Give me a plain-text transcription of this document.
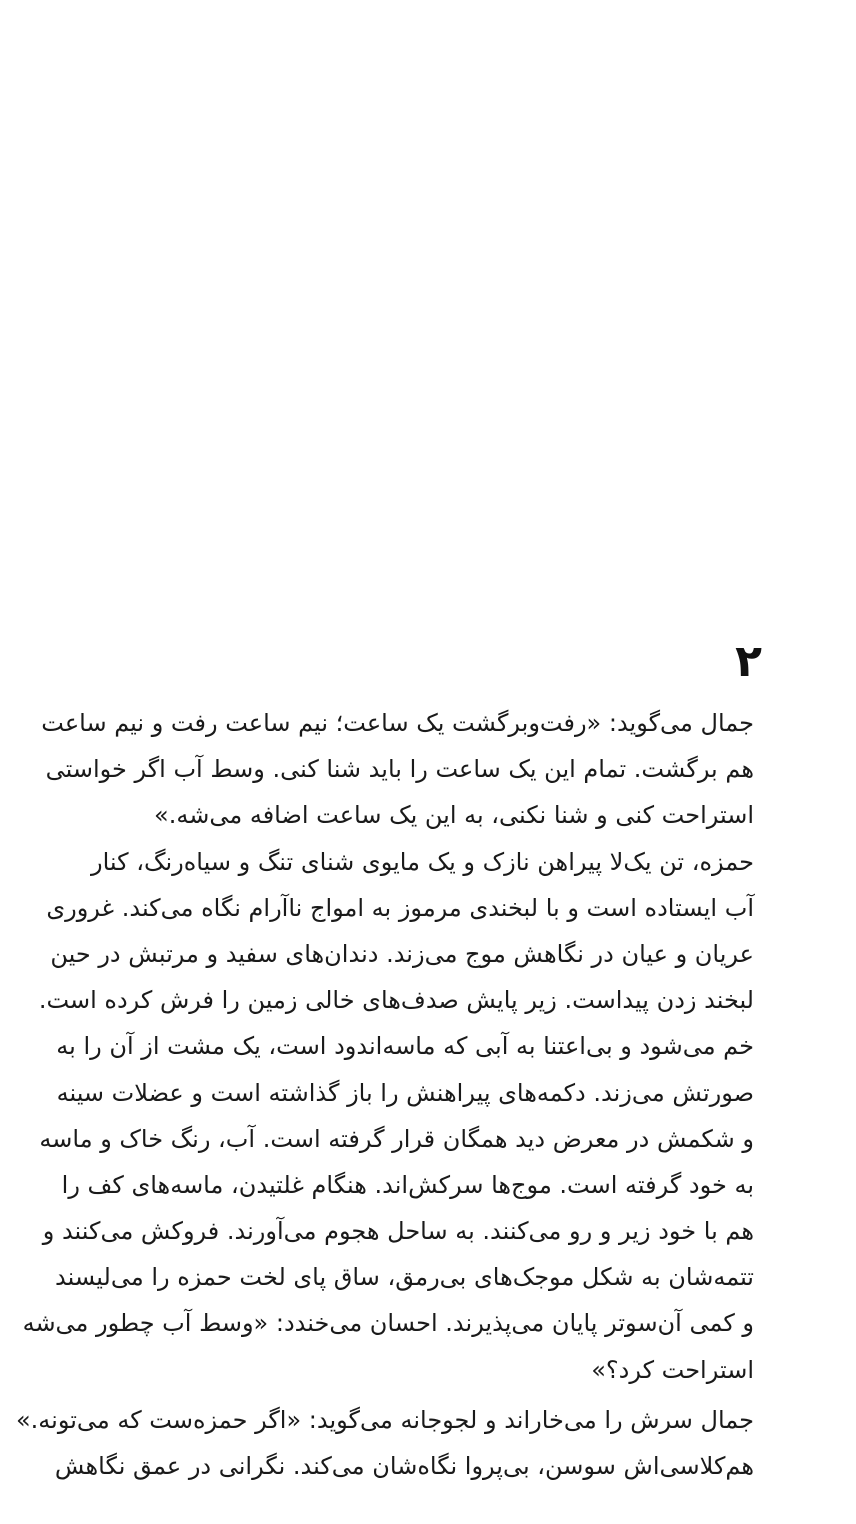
۲
جمال می‌گوید: «رفت‌وبرگشت یک ساعت؛ نیم ساعت رفت و نیم ساعت
هم برگشت. تمام این یک ساعت را باید شنا کنی. وسط آب اگر خواستی
استراحت کنی و شنا نکنی، به این یک ساعت اضافه می‌شه.»
حمزه، تن یک‌لا پیراهن نازک و یک مایوی شنای تنگ و سیاه‌رنگ، کنار
آب ایستاده است و با لبخندی مرموز به امواج ناآرام نگاه می‌کند. غروری
عریان و عیان در نگاهش موج می‌زند. دندان‌های سفید و مرتبش در حین
لبخند زدن پیداست. زیر پایش صدف‌های خالی زمین را فرش کرده است.
خم می‌شود و بی‌اعتنا به آبی که ماسه‌اندود است، یک مشت از آن را به
صورتش می‌زند. دکمه‌های پیراهنش را باز گذاشته است و عضلات سینه
و شکمش در معرض دید همگان قرار گرفته است. آب، رنگ خاک و ماسه
به خود گرفته است. موج‌ها سرکش‌اند. هنگام غلتیدن، ماسه‌های کف را
هم با خود زیر و رو می‌کنند. به ساحل هجوم می‌آورند. فروکش می‌کنند و
تتمه‌شان به شکل موجک‌های بی‌رمق، ساق پای لخت حمزه را می‌لیسند
و کمی آن‌سوتر پایان می‌پذیرند. احسان می‌خندد: «وسط آب چطور می‌شه
استراحت کرد؟»
جمال سرش را می‌خاراند و لجوجانه می‌گوید: «اگر حمزه‌ست که می‌تونه.»
هم‌کلاسی‌اش سوسن، بی‌پروا نگاه‌شان می‌کند. نگرانی در عمق نگاهش
